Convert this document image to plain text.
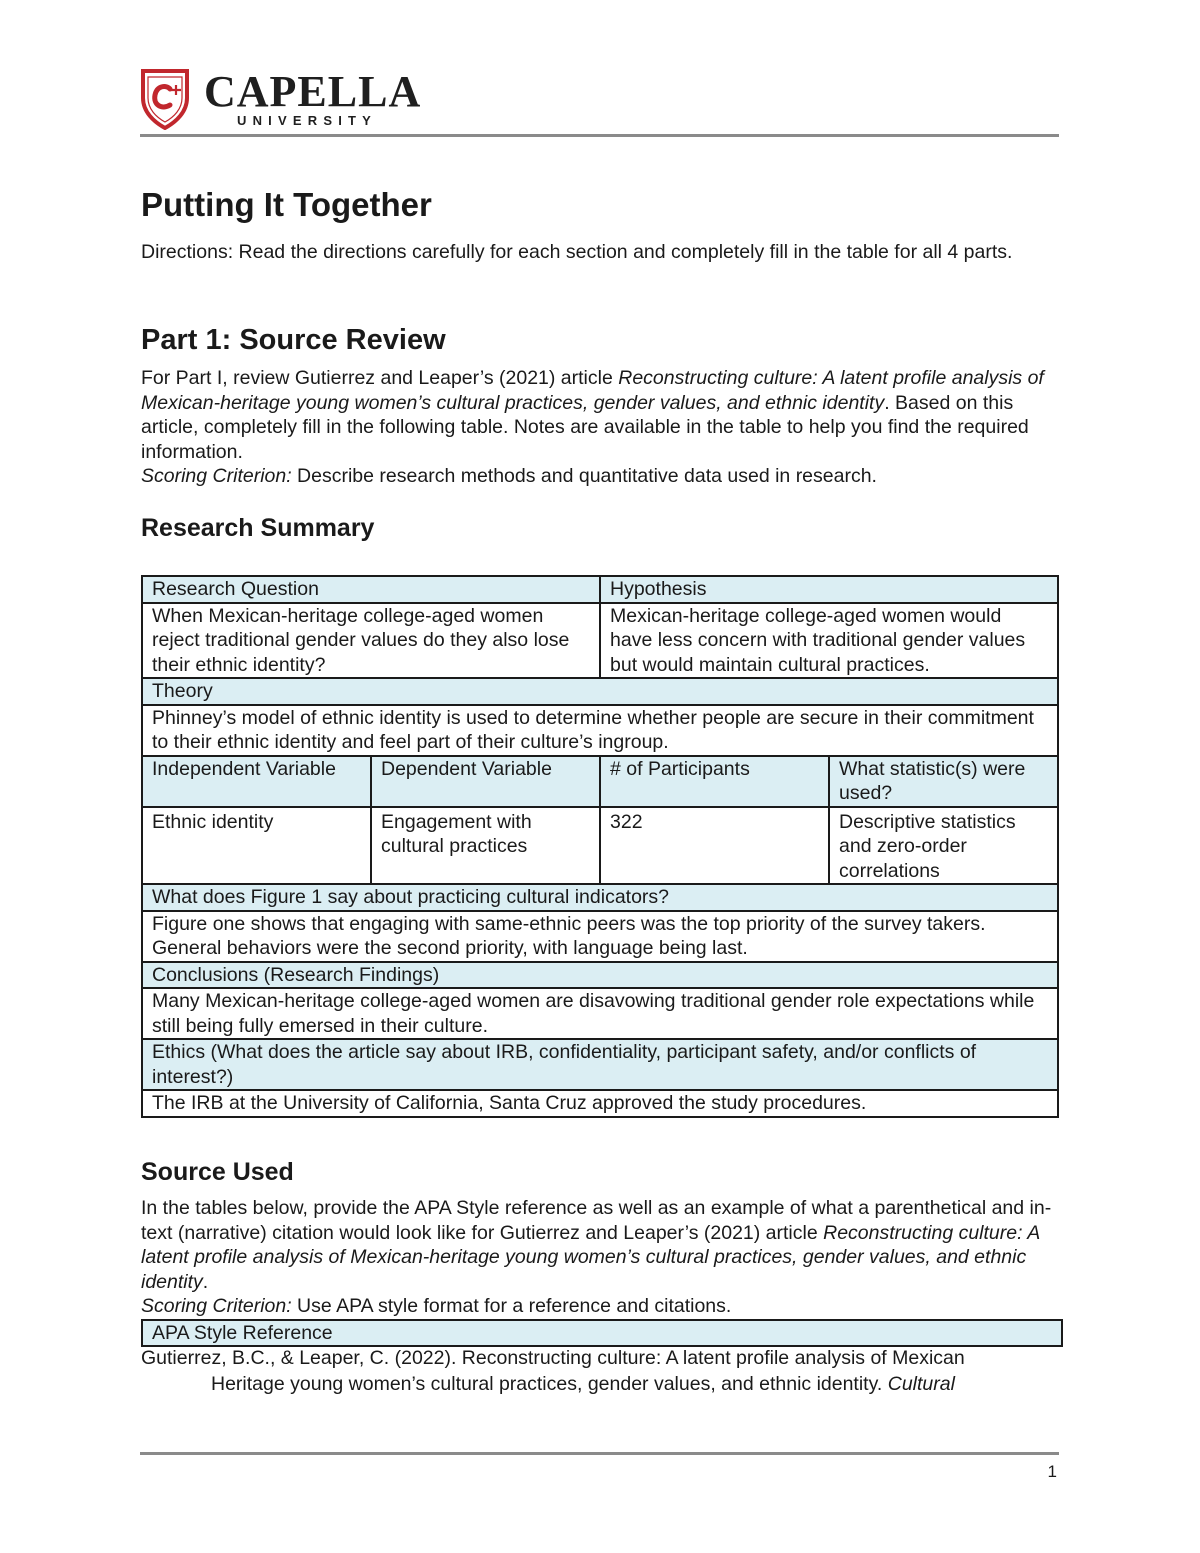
CAPELLA
UNIVERSITY
Putting It Together

Directions: Read the directions carefully for each section and completely fill in the table for all 4 parts.

Part 1: Source Review

For Part I, review Gutierrez and Leaper’s (2021) article Reconstructing culture: A latent profile analysis of Mexican-heritage young women’s cultural practices, gender values, and ethnic identity. Based on this article, completely fill in the following table. Notes are available in the table to help you find the required information.
Scoring Criterion: Describe research methods and quantitative data used in research.

Research Summary
Research Question		Hypothesis	
When Mexican-heritage college-aged women reject traditional gender values do they also lose their ethnic identity?		Mexican-heritage college-aged women would have less concern with traditional gender values but would maintain cultural practices.	
Theory			
Phinney’s model of ethnic identity is used to determine whether people are secure in their commitment to their ethnic identity and feel part of their culture’s ingroup.			
Independent Variable	Dependent Variable	# of Participants	What statistic(s) were used?
Ethnic identity	Engagement with cultural practices	322	Descriptive statistics and zero-order correlations
What does Figure 1 say about practicing cultural indicators?			
Figure one shows that engaging with same-ethnic peers was the top priority of the survey takers. General behaviors were the second priority, with language being last.			
Conclusions (Research Findings)			
Many Mexican-heritage college-aged women are disavowing traditional gender role expectations while still being fully emersed in their culture.			
Ethics (What does the article say about IRB, confidentiality, participant safety, and/or conflicts of interest?)			
The IRB at the University of California, Santa Cruz approved the study procedures.			
Source Used

In the tables below, provide the APA Style reference as well as an example of what a parenthetical and in-text (narrative) citation would look like for Gutierrez and Leaper’s (2021) article Reconstructing culture: A latent profile analysis of Mexican-heritage young women’s cultural practices, gender values, and ethnic identity.
Scoring Criterion: Use APA style format for a reference and citations.

APA Style Reference
Gutierrez, B.C., & Leaper, C. (2022). Reconstructing culture: A latent profile analysis of Mexican
Heritage young women’s cultural practices, gender values, and ethnic identity. Cultural
1
